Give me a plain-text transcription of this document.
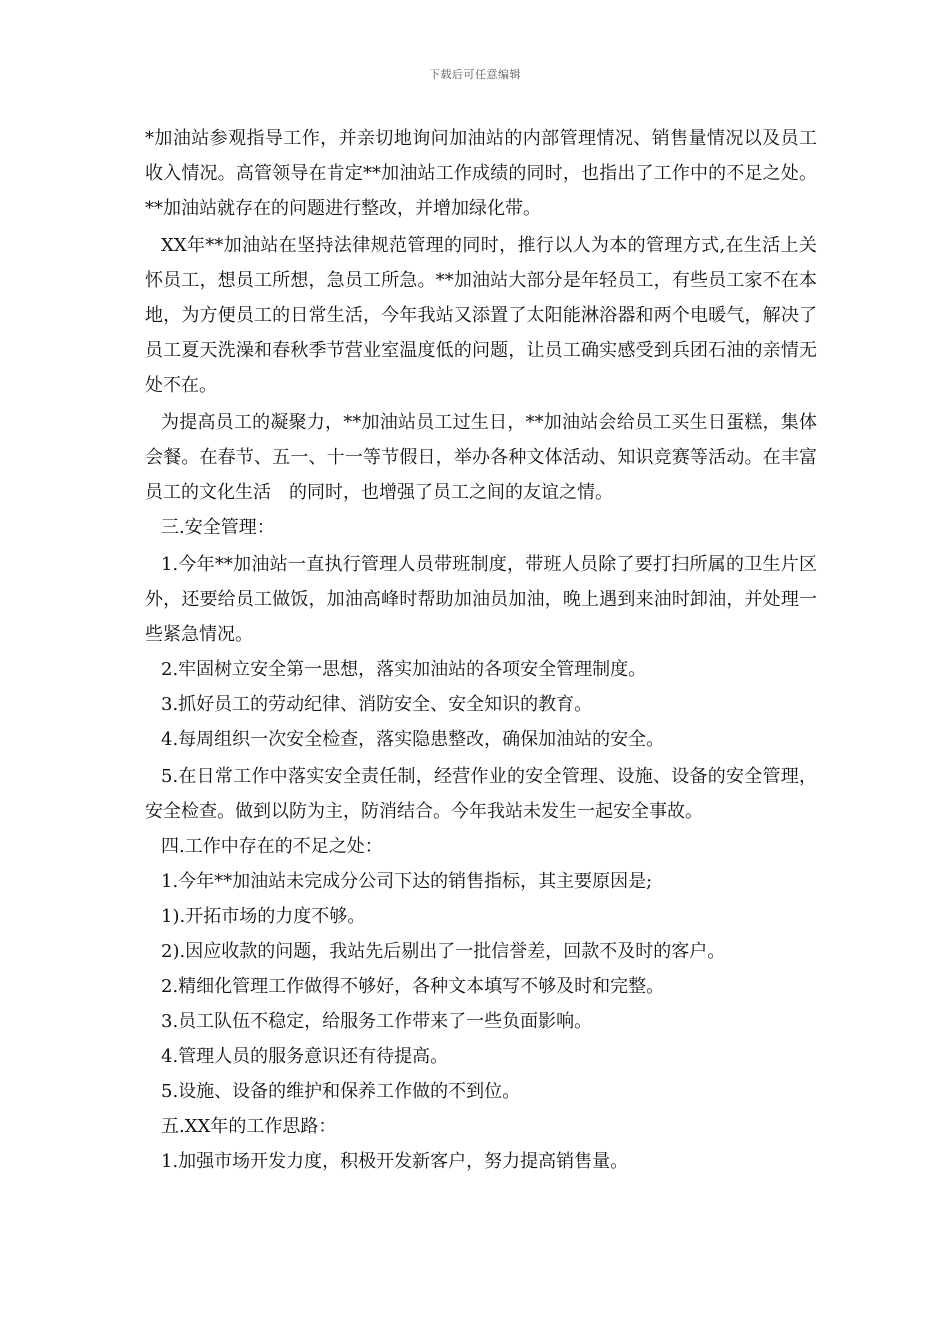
下载后可任意编辑

*加油站参观指导工作，并亲切地询问加油站的内部管理情况、销售量情况以及员工收入情况。高管领导在肯定**加油站工作成绩的同时，也指出了工作中的不足之处。**加油站就存在的问题进行整改，并增加绿化带。

XX年**加油站在坚持法律规范管理的同时，推行以人为本的管理方式,在生活上关怀员工，想员工所想，急员工所急。**加油站大部分是年轻员工，有些员工家不在本地，为方便员工的日常生活，今年我站又添置了太阳能淋浴器和两个电暖气，解决了员工夏天洗澡和春秋季节营业室温度低的问题，让员工确实感受到兵团石油的亲情无处不在。

为提高员工的凝聚力，**加油站员工过生日，**加油站会给员工买生日蛋糕，集体会餐。在春节、五一、十一等节假日，举办各种文体活动、知识竞赛等活动。在丰富员工的文化生活　的同时，也增强了员工之间的友谊之情。

三.安全管理：

1.今年**加油站一直执行管理人员带班制度，带班人员除了要打扫所属的卫生片区外，还要给员工做饭，加油高峰时帮助加油员加油，晚上遇到来油时卸油，并处理一些紧急情况。

2.牢固树立安全第一思想，落实加油站的各项安全管理制度。

3.抓好员工的劳动纪律、消防安全、安全知识的教育。

4.每周组织一次安全检查，落实隐患整改，确保加油站的安全。

5.在日常工作中落实安全责任制，经营作业的安全管理、设施、设备的安全管理，安全检查。做到以防为主，防消结合。今年我站未发生一起安全事故。

四.工作中存在的不足之处：

1.今年**加油站未完成分公司下达的销售指标，其主要原因是;

1).开拓市场的力度不够。

2).因应收款的问题，我站先后剔出了一批信誉差，回款不及时的客户。

2.精细化管理工作做得不够好，各种文本填写不够及时和完整。

3.员工队伍不稳定，给服务工作带来了一些负面影响。

4.管理人员的服务意识还有待提高。

5.设施、设备的维护和保养工作做的不到位。

五.XX年的工作思路：

1.加强市场开发力度，积极开发新客户，努力提高销售量。
